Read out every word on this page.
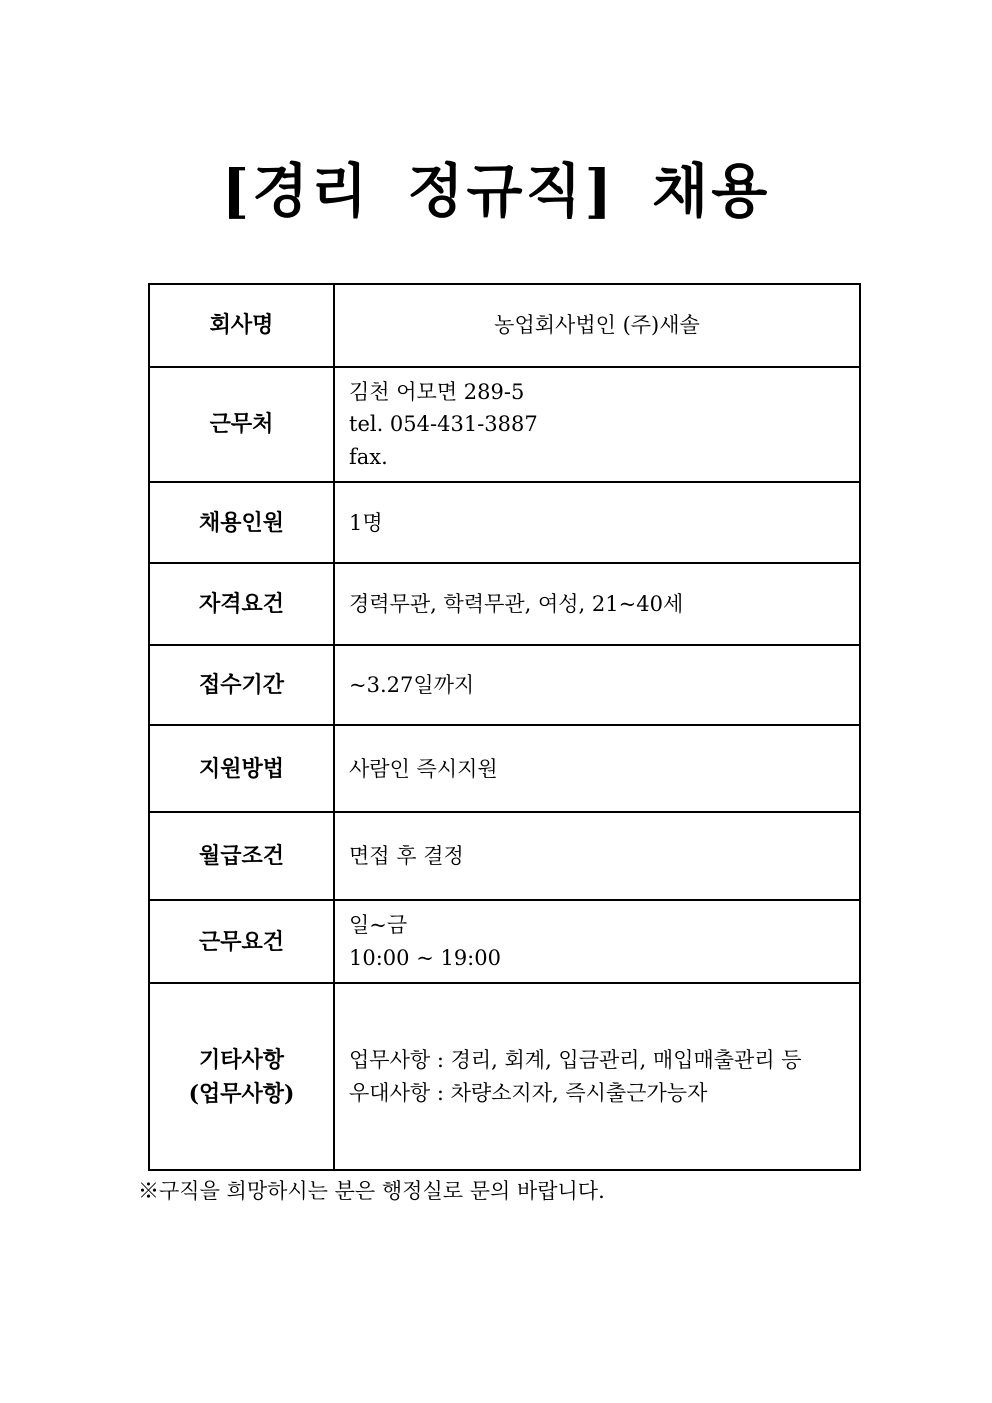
[경리 정규직] 채용
회사명	농업회사법인 (주)새솔

근무처	김천 어모면 289-5
tel. 054-431-3887
fax.

채용인원	1명

자격요건	경력무관, 학력무관, 여성, 21~40세

접수기간	~3.27일까지

지원방법	사람인 즉시지원

월급조건	면접 후 결정

근무요건	일~금
10:00 ~ 19:00

기타사항
(업무사항)

업무사항 : 경리, 회계, 입금관리, 매입매출관리 등
우대사항 : 차량소지자, 즉시출근가능자
※구직을 희망하시는 분은 행정실로 문의 바랍니다.
